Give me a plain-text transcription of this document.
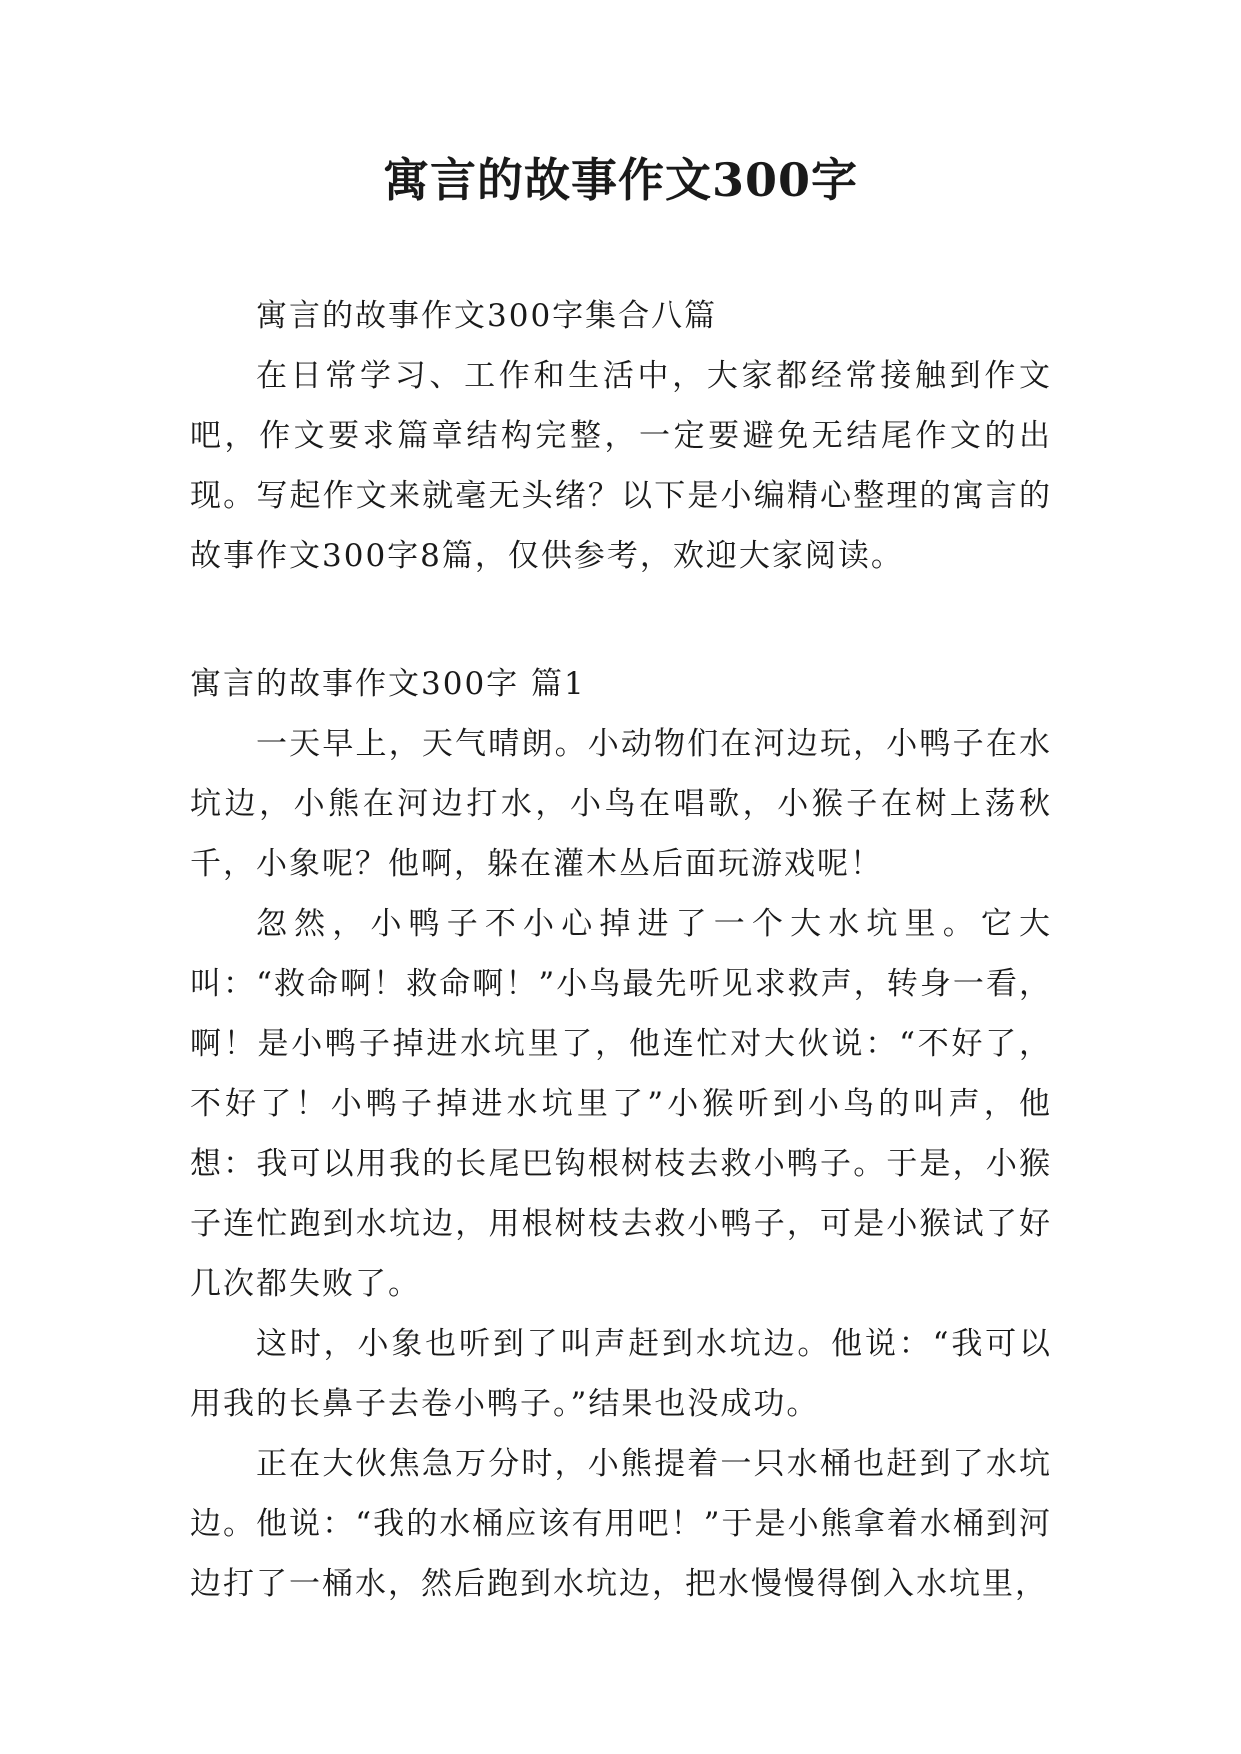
寓言的故事作文300字

寓言的故事作文300字集合八篇

在日常学习、工作和生活中，大家都经常接触到作文吧，作文要求篇章结构完整，一定要避免无结尾作文的出现。写起作文来就毫无头绪？以下是小编精心整理的寓言的故事作文300字8篇，仅供参考，欢迎大家阅读。

寓言的故事作文300字 篇1

一天早上，天气晴朗。小动物们在河边玩，小鸭子在水坑边，小熊在河边打水，小鸟在唱歌，小猴子在树上荡秋千，小象呢？他啊，躲在灌木丛后面玩游戏呢！

忽然，小鸭子不小心掉进了一个大水坑里。它大叫：“救命啊！救命啊！”小鸟最先听见求救声，转身一看，啊！是小鸭子掉进水坑里了，他连忙对大伙说：“不好了，不好了！小鸭子掉进水坑里了”小猴听到小鸟的叫声，他想：我可以用我的长尾巴钩根树枝去救小鸭子。于是，小猴子连忙跑到水坑边，用根树枝去救小鸭子，可是小猴试了好几次都失败了。

这时，小象也听到了叫声赶到水坑边。他说：“我可以用我的长鼻子去卷小鸭子。”结果也没成功。

正在大伙焦急万分时，小熊提着一只水桶也赶到了水坑边。他说：“我的水桶应该有用吧！”于是小熊拿着水桶到河边打了一桶水，然后跑到水坑边，把水慢慢得倒入水坑里，
